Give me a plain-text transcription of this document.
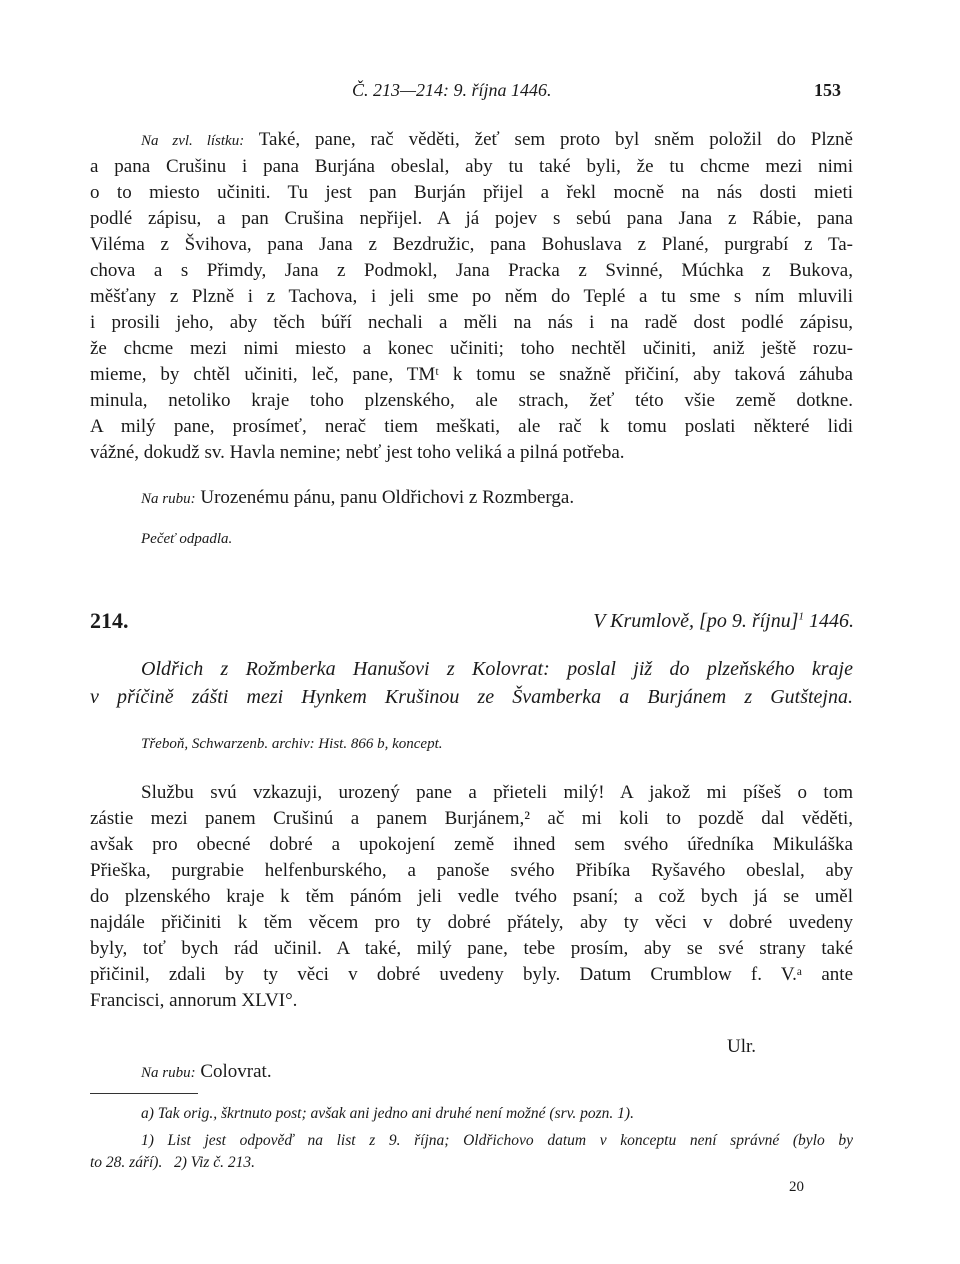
Č. 213—214: 9. října 1446.	153

Na zvl. lístku: Také, pane, rač věděti, žeť sem proto byl sněm položil do Plzně

a pana Crušinu i pana Burjána obeslal, aby tu také byli, že tu chcme mezi nimi

o to miesto učiniti. Tu jest pan Burján přijel a řekl mocně na nás dosti mieti

podlé zápisu, a pan Crušina nepřijel. A já pojev s sebú pana Jana z Rábie, pana

Viléma z Švihova, pana Jana z Bezdružic, pana Bohuslava z Plané, purgrabí z Ta-

chova a s Přimdy, Jana z Podmokl, Jana Pracka z Svinné, Múchka z Bukova,

měšťany z Plzně i z Tachova, i jeli sme po něm do Teplé a tu sme s ním mluvili

i prosili jeho, aby těch búří nechali a měli na nás i na radě dost podlé zápisu,

že chcme mezi nimi miesto a konec učiniti; toho nechtěl učiniti, aniž ještě rozu-

mieme, by chtěl učiniti, leč, pane, TMᵗ k tomu se snažně přičiní, aby taková záhuba

minula, netoliko kraje toho plzenského, ale strach, žeť této všie země dotkne.

A milý pane, prosímeť, nerač tiem meškati, ale rač k tomu poslati některé lidi

vážné, dokudž sv. Havla nemine; nebť jest toho veliká a pilná potřeba.

Na rubu: Urozenému pánu, panu Oldřichovi z Rozmberga.
Pečeť odpadla.
214.	V Krumlově, [po 9. říjnu]$^1$ 1446.

Oldřich z Rožmberka Hanušovi z Kolovrat: poslal již do plzeňského kraje

v příčině zášti mezi Hynkem Krušinou ze Švamberka a Burjánem z Gutštejna.

Třeboň, Schwarzenb. archiv: Hist. 866 b, koncept.

Službu svú vzkazuji, urozený pane a přieteli milý! A jakož mi píšeš o tom

zástie mezi panem Crušinú a panem Burjánem,² ač mi koli to pozdě dal věděti,

avšak pro obecné dobré a upokojení země ihned sem svého úředníka Mikuláška

Přieška, purgrabie helfenburského, a panoše svého Přibíka Ryšavého obeslal, aby

do plzenského kraje k těm pánóm jeli vedle tvého psaní; a což bych já se uměl

najdále přičiniti k těm věcem pro ty dobré přátely, aby ty věci v dobré uvedeny

byly, toť bych rád učinil. A také, milý pane, tebe prosím, aby se své strany také

přičinil, zdali by ty věci v dobré uvedeny byly. Datum Crumblow f. V.ᵃ ante

Francisci, annorum XLVI°.

Ulr.
Na rubu: Colovrat.
a) Tak orig., škrtnuto post; avšak ani jedno ani druhé není možné (srv. pozn. 1).

1) List jest odpověď na list z 9. října; Oldřichovo datum v konceptu není správné (bylo by

to 28. září).   2) Viz č. 213.

20
